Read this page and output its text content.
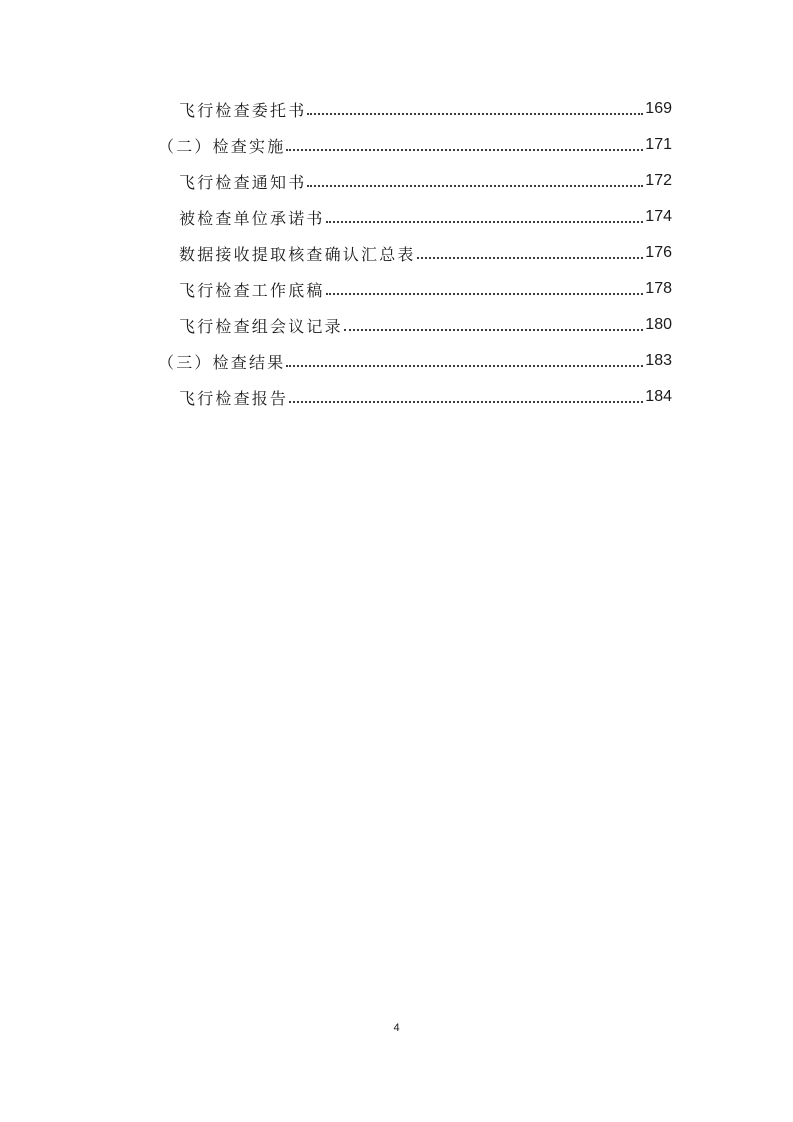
飞行检查委托书	169
（二）检查实施	171
飞行检查通知书	172
被检查单位承诺书	174
数据接收提取核查确认汇总表	176
飞行检查工作底稿	178
飞行检查组会议记录	180
（三）检查结果	183
飞行检查报告	184
4
